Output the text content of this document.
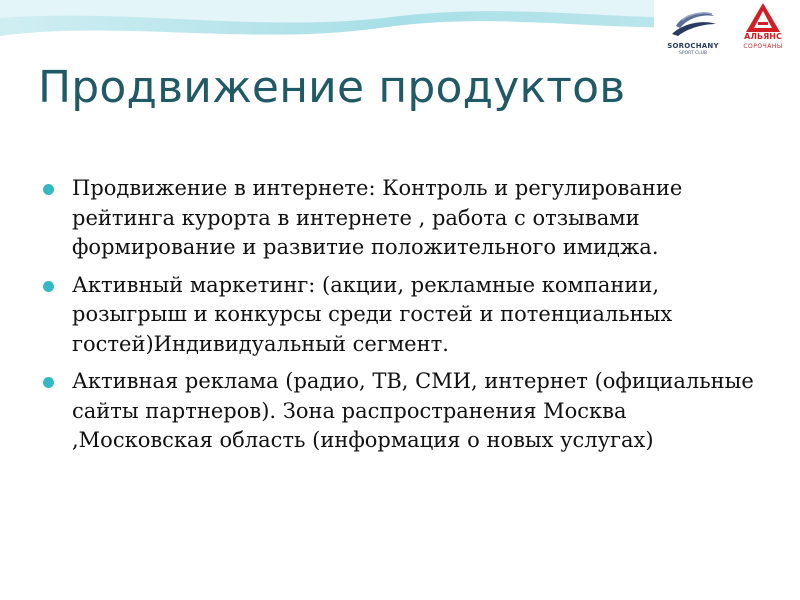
SOROCHANY
SPORT CLUB
АЛЬЯНС
СОРОЧАНЫ
Продвижение продуктов
Продвижение в интернете: Контроль и регулирование рейтинга курорта в интернете , работа с отзывами формирование и развитие положительного имиджа.
Активный маркетинг: (акции, рекламные компании, розыгрыш и конкурсы среди гостей и потенциальных гостей)Индивидуальный сегмент.
Активная реклама (радио, ТВ, СМИ, интернет (официальные сайты партнеров). Зона распространения Москва ,Московская область (информация о новых услугах)
